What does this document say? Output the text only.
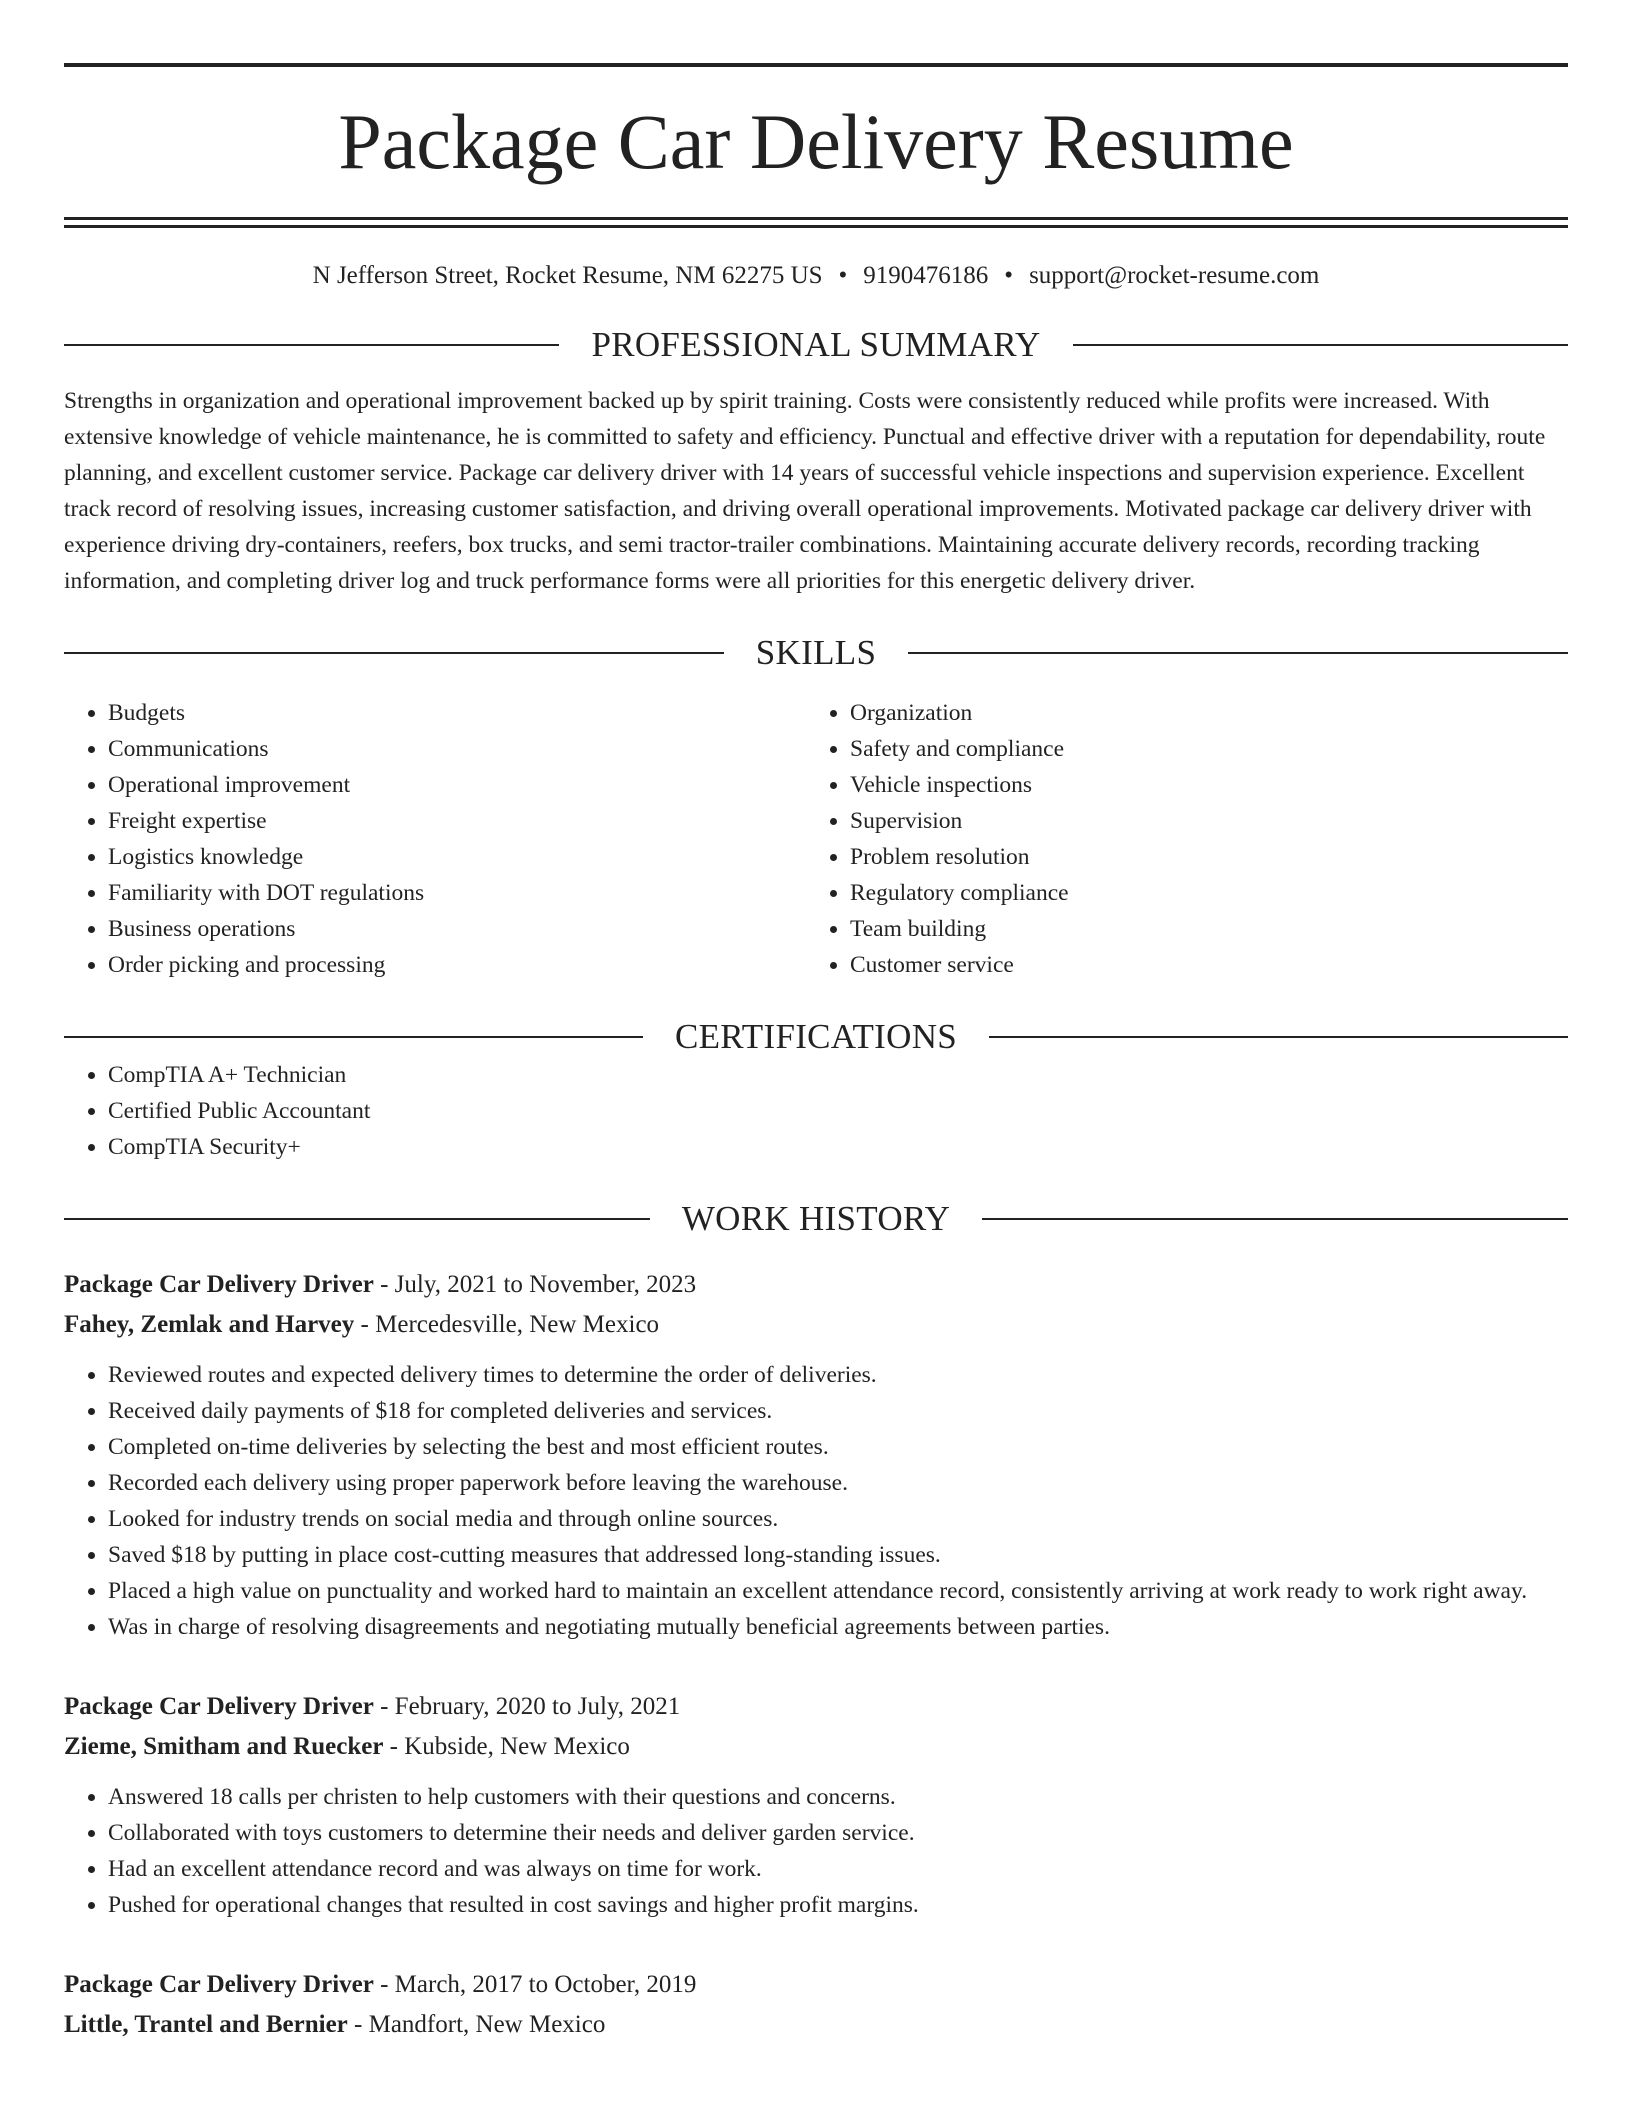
Package Car Delivery Resume
N Jefferson Street, Rocket Resume, NM 62275 US • 9190476186 • support@rocket-resume.com
PROFESSIONAL SUMMARY
Strengths in organization and operational improvement backed up by spirit training. Costs were consistently reduced while profits were increased. With extensive knowledge of vehicle maintenance, he is committed to safety and efficiency. Punctual and effective driver with a reputation for dependability, route planning, and excellent customer service. Package car delivery driver with 14 years of successful vehicle inspections and supervision experience. Excellent track record of resolving issues, increasing customer satisfaction, and driving overall operational improvements. Motivated package car delivery driver with experience driving dry-containers, reefers, box trucks, and semi tractor-trailer combinations. Maintaining accurate delivery records, recording tracking information, and completing driver log and truck performance forms were all priorities for this energetic delivery driver.
SKILLS
• Budgets
• Communications
• Operational improvement
• Freight expertise
• Logistics knowledge
• Familiarity with DOT regulations
• Business operations
• Order picking and processing
• Organization
• Safety and compliance
• Vehicle inspections
• Supervision
• Problem resolution
• Regulatory compliance
• Team building
• Customer service
CERTIFICATIONS
• CompTIA A+ Technician
• Certified Public Accountant
• CompTIA Security+
WORK HISTORY
Package Car Delivery Driver - July, 2021 to November, 2023
Fahey, Zemlak and Harvey - Mercedesville, New Mexico
• Reviewed routes and expected delivery times to determine the order of deliveries.
• Received daily payments of $18 for completed deliveries and services.
• Completed on-time deliveries by selecting the best and most efficient routes.
• Recorded each delivery using proper paperwork before leaving the warehouse.
• Looked for industry trends on social media and through online sources.
• Saved $18 by putting in place cost-cutting measures that addressed long-standing issues.
• Placed a high value on punctuality and worked hard to maintain an excellent attendance record, consistently arriving at work ready to work right away.
• Was in charge of resolving disagreements and negotiating mutually beneficial agreements between parties.
Package Car Delivery Driver - February, 2020 to July, 2021
Zieme, Smitham and Ruecker - Kubside, New Mexico
• Answered 18 calls per christen to help customers with their questions and concerns.
• Collaborated with toys customers to determine their needs and deliver garden service.
• Had an excellent attendance record and was always on time for work.
• Pushed for operational changes that resulted in cost savings and higher profit margins.
Package Car Delivery Driver - March, 2017 to October, 2019
Little, Trantel and Bernier - Mandfort, New Mexico
